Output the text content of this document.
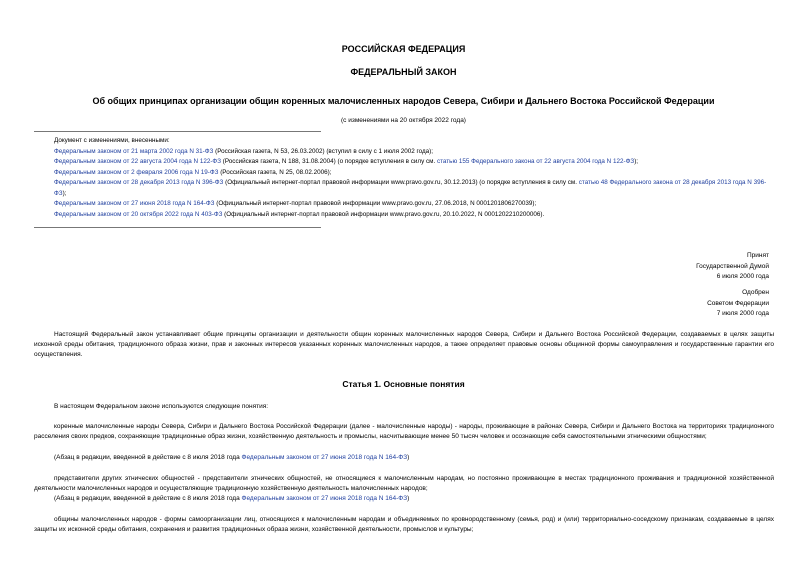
РОССИЙСКАЯ ФЕДЕРАЦИЯ
ФЕДЕРАЛЬНЫЙ ЗАКОН
Об общих принципах организации общин коренных малочисленных народов Севера, Сибири и Дальнего Востока Российской Федерации
(с изменениями на 20 октября 2022 года)
Документ с изменениями, внесенными:
Федеральным законом от 21 марта 2002 года N 31-ФЗ (Российская газета, N 53, 26.03.2002) (вступил в силу с 1 июля 2002 года);
Федеральным законом от 22 августа 2004 года N 122-ФЗ (Российская газета, N 188, 31.08.2004) (о порядке вступления в силу см. статью 155 Федерального закона от 22 августа 2004 года N 122-ФЗ);
Федеральным законом от 2 февраля 2006 года N 19-ФЗ (Российская газета, N 25, 08.02.2006);
Федеральным законом от 28 декабря 2013 года N 396-ФЗ (Официальный интернет-портал правовой информации www.pravo.gov.ru, 30.12.2013) (о порядке вступления в силу см. статью 48 Федерального закона от 28 декабря 2013 года N 396-ФЗ);
Федеральным законом от 27 июня 2018 года N 164-ФЗ (Официальный интернет-портал правовой информации www.pravo.gov.ru, 27.06.2018, N 0001201806270039);
Федеральным законом от 20 октября 2022 года N 403-ФЗ (Официальный интернет-портал правовой информации www.pravo.gov.ru, 20.10.2022, N 0001202210200006).
Принят
Государственной Думой
6 июля 2000 года
Одобрен
Советом Федерации
7 июля 2000 года
Настоящий Федеральный закон устанавливает общие принципы организации и деятельности общин коренных малочисленных народов Севера, Сибири и Дальнего Востока Российской Федерации, создаваемых в целях защиты исконной среды обитания, традиционного образа жизни, прав и законных интересов указанных коренных малочисленных народов, а также определяет правовые основы общинной формы самоуправления и государственные гарантии его осуществления.
Статья 1. Основные понятия
В настоящем Федеральном законе используются следующие понятия:
коренные малочисленные народы Севера, Сибири и Дальнего Востока Российской Федерации (далее - малочисленные народы) - народы, проживающие в районах Севера, Сибири и Дальнего Востока на территориях традиционного расселения своих предков, сохраняющие традиционные образ жизни, хозяйственную деятельность и промыслы, насчитывающие менее 50 тысяч человек и осознающие себя самостоятельными этническими общностями;
(Абзац в редакции, введенной в действие с 8 июля 2018 года Федеральным законом от 27 июня 2018 года N 164-ФЗ)
представители других этнических общностей - представители этнических общностей, не относящиеся к малочисленным народам, но постоянно проживающие в местах традиционного проживания и традиционной хозяйственной деятельности малочисленных народов и осуществляющие традиционную хозяйственную деятельность малочисленных народов;
(Абзац в редакции, введенной в действие с 8 июля 2018 года Федеральным законом от 27 июня 2018 года N 164-ФЗ)
общины малочисленных народов - формы самоорганизации лиц, относящихся к малочисленным народам и объединяемых по кровнородственному (семья, род) и (или) территориально-соседскому признакам, создаваемые в целях защиты их исконной среды обитания, сохранения и развития традиционных образа жизни, хозяйственной деятельности, промыслов и культуры;
